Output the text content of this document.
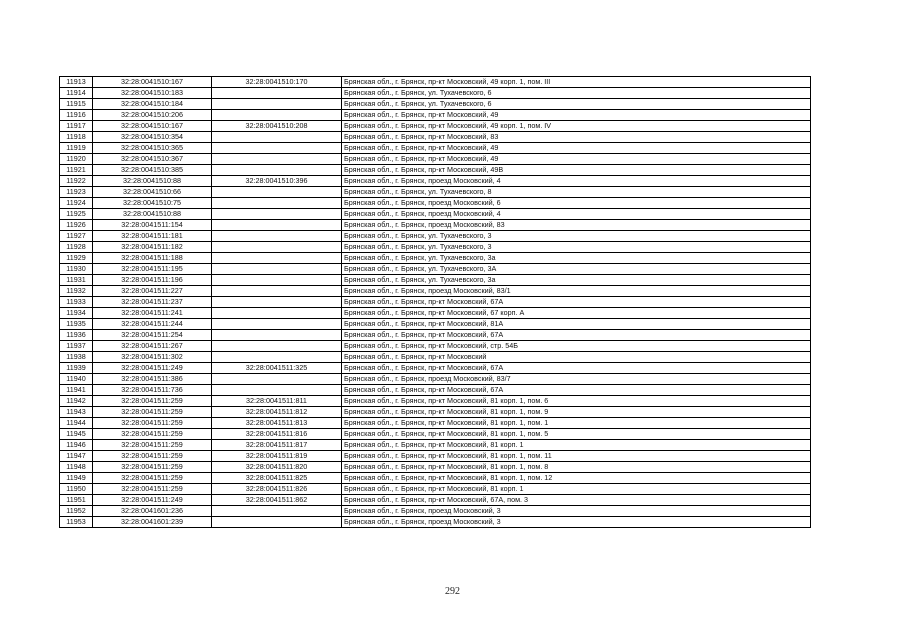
11913	32:28:0041510:167	32:28:0041510:170	Брянская обл., г. Брянск, пр-кт Московский, 49 корп. 1, пом. III
11914	32:28:0041510:183		Брянская обл., г. Брянск, ул. Тухачевского, 6
11915	32:28:0041510:184		Брянская обл., г. Брянск, ул. Тухачевского, 6
11916	32:28:0041510:206		Брянская обл., г. Брянск, пр-кт Московский, 49
11917	32:28:0041510:167	32:28:0041510:208	Брянская обл., г. Брянск, пр-кт Московский, 49 корп. 1, пом. IV
11918	32:28:0041510:354		Брянская обл., г. Брянск, пр-кт Московский, 83
11919	32:28:0041510:365		Брянская обл., г. Брянск, пр-кт Московский, 49
11920	32:28:0041510:367		Брянская обл., г. Брянск, пр-кт Московский, 49
11921	32:28:0041510:385		Брянская обл., г. Брянск, пр-кт Московский, 49В
11922	32:28:0041510:88	32:28:0041510:396	Брянская обл., г. Брянск, проезд Московский, 4
11923	32:28:0041510:66		Брянская обл., г. Брянск, ул. Тухачевского, 8
11924	32:28:0041510:75		Брянская обл., г. Брянск, проезд Московский, 6
11925	32:28:0041510:88		Брянская обл., г. Брянск, проезд Московский, 4
11926	32:28:0041511:154		Брянская обл., г. Брянск, проезд Московский, 83
11927	32:28:0041511:181		Брянская обл., г. Брянск, ул. Тухачевского, 3
11928	32:28:0041511:182		Брянская обл., г. Брянск, ул. Тухачевского, 3
11929	32:28:0041511:188		Брянская обл., г. Брянск, ул. Тухачевского, 3а
11930	32:28:0041511:195		Брянская обл., г. Брянск, ул. Тухачевского, 3А
11931	32:28:0041511:196		Брянская обл., г. Брянск, ул. Тухачевского, 3а
11932	32:28:0041511:227		Брянская обл., г. Брянск, проезд Московский, 83/1
11933	32:28:0041511:237		Брянская обл., г. Брянск, пр-кт Московский, 67А
11934	32:28:0041511:241		Брянская обл., г. Брянск, пр-кт Московский, 67 корп. А
11935	32:28:0041511:244		Брянская обл., г. Брянск, пр-кт Московский, 81А
11936	32:28:0041511:254		Брянская обл., г. Брянск, пр-кт Московский, 67А
11937	32:28:0041511:267		Брянская обл., г. Брянск, пр-кт Московский, стр. 54Б
11938	32:28:0041511:302		Брянская обл., г. Брянск, пр-кт Московский
11939	32:28:0041511:249	32:28:0041511:325	Брянская обл., г. Брянск, пр-кт Московский, 67А
11940	32:28:0041511:386		Брянская обл., г. Брянск, проезд Московский, 83/7
11941	32:28:0041511:736		Брянская обл., г. Брянск, пр-кт Московский, 67А
11942	32:28:0041511:259	32:28:0041511:811	Брянская обл., г. Брянск, пр-кт Московский, 81 корп. 1, пом. 6
11943	32:28:0041511:259	32:28:0041511:812	Брянская обл., г. Брянск, пр-кт Московский, 81 корп. 1, пом. 9
11944	32:28:0041511:259	32:28:0041511:813	Брянская обл., г. Брянск, пр-кт Московский, 81 корп. 1, пом. 1
11945	32:28:0041511:259	32:28:0041511:816	Брянская обл., г. Брянск, пр-кт Московский, 81 корп. 1, пом. 5
11946	32:28:0041511:259	32:28:0041511:817	Брянская обл., г. Брянск, пр-кт Московский, 81 корп. 1
11947	32:28:0041511:259	32:28:0041511:819	Брянская обл., г. Брянск, пр-кт Московский, 81 корп. 1, пом. 11
11948	32:28:0041511:259	32:28:0041511:820	Брянская обл., г. Брянск, пр-кт Московский, 81 корп. 1, пом. 8
11949	32:28:0041511:259	32:28:0041511:825	Брянская обл., г. Брянск, пр-кт Московский, 81 корп. 1, пом. 12
11950	32:28:0041511:259	32:28:0041511:826	Брянская обл., г. Брянск, пр-кт Московский, 81 корп. 1
11951	32:28:0041511:249	32:28:0041511:862	Брянская обл., г. Брянск, пр-кт Московский, 67А, пом. 3
11952	32:28:0041601:236		Брянская обл., г. Брянск, проезд Московский, 3
11953	32:28:0041601:239		Брянская обл., г. Брянск, проезд Московский, 3
292
